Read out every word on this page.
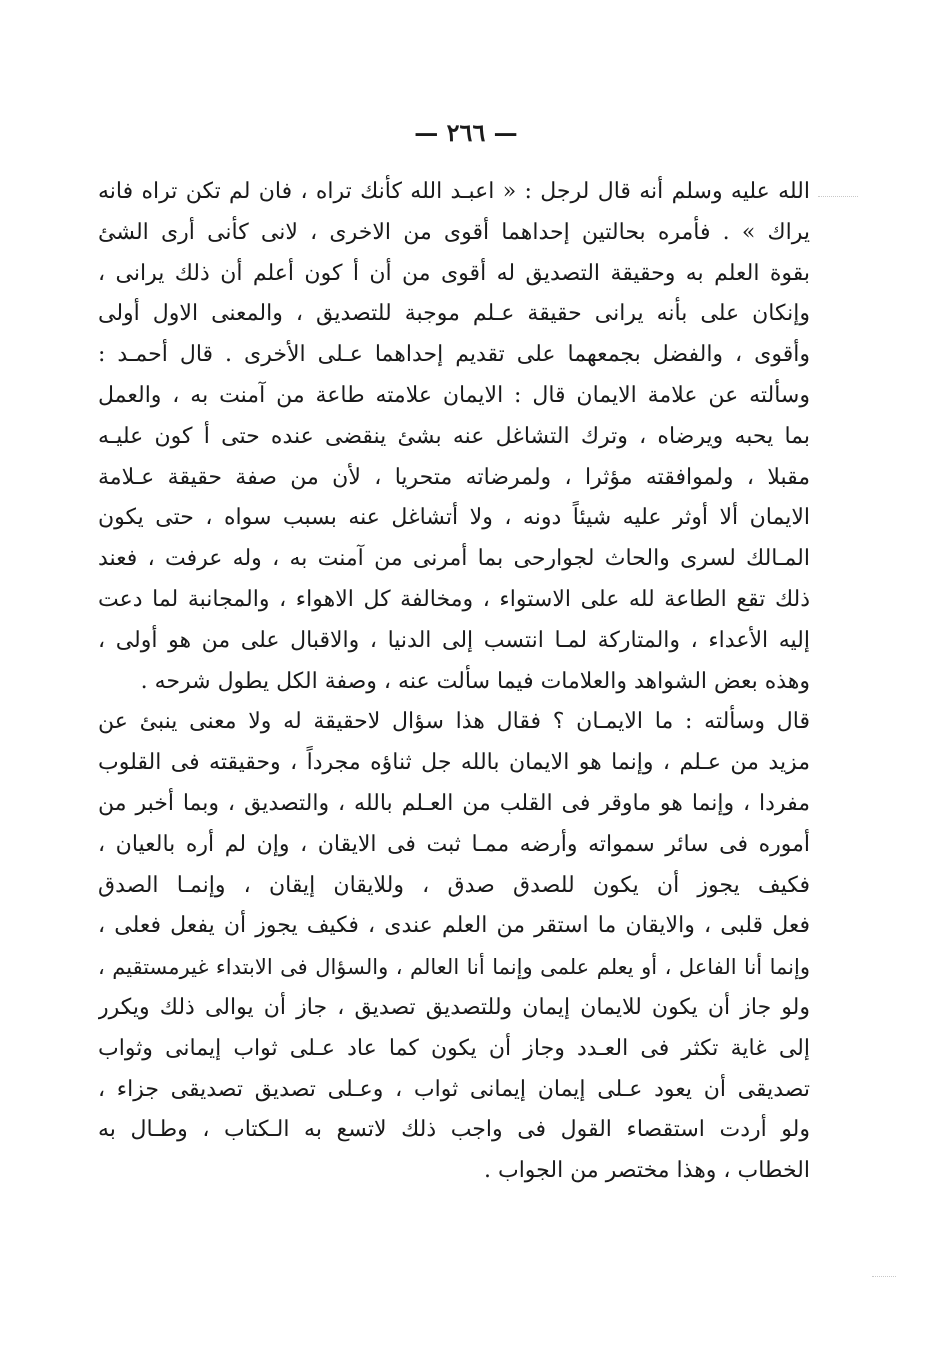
— ٢٦٦ —
الله عليه وسلم أنه قال لرجل : « اعبـد الله كأنك تراه ، فان لم تكن تراه فانه
يراك » . فأمره بحالتين إحداهما أقوى من الاخرى ، لانى كأنى أرى الشئ
بقوة العلم به وحقيقة التصديق له أقوى من أن أ كون أعلم أن ذلك يرانى ،
وإنكان على بأنه يرانى حقيقة عـلم موجبة للتصديق ، والمعنى الاول أولى
وأقوى ، والفضل بجمعهما على تقديم إحداهما عـلى الأخرى . قال أحمـد :
وسألته عن علامة الايمان قال : الايمان علامته طاعة من آمنت به ، والعمل
بما يحبه ويرضاه ، وترك التشاغل عنه بشئ ينقضى عنده حتى أ كون عليـه
مقبلا ، ولموافقته مؤثرا ، ولمرضاته متحريا ، لأن من صفة حقيقة عـلامة
الايمان ألا أوثر عليه شيئاً دونه ، ولا أتشاغل عنه بسبب سواه ، حتى يكون
المـالك لسرى والحاث لجوارحى بما أمرنى من آمنت به ، وله عرفت ، فعند
ذلك تقع الطاعة لله على الاستواء ، ومخالفة كل الاهواء ، والمجانبة لما دعت
إليه الأعداء ، والمتاركة لمـا انتسب إلى الدنيا ، والاقبال على من هو أولى ،
وهذه بعض الشواهد والعلامات فيما سألت عنه ، وصفة الكل يطول شرحه .
قال وسألته : ما الايمـان ؟ فقال هذا سؤال لاحقيقة له ولا معنى ينبئ عن
مزيد من عـلم ، وإنما هو الايمان بالله جل ثناؤه مجرداً ، وحقيقته فى القلوب
مفردا ، وإنما هو ماوقر فى القلب من العـلم بالله ، والتصديق ، وبما أخبر من
أموره فى سائر سمواته وأرضه ممـا ثبت فى الايقان ، وإن لم أره بالعيان ،
فكيف يجوز أن يكون للصدق صدق ، وللايقان إيقان ، وإنمـا الصدق
فعل قلبى ، والايقان ما استقر من العلم عندى ، فكيف يجوز أن يفعل فعلى ،
وإنما أنا الفاعل ، أو يعلم علمى وإنما أنا العالم ، والسؤال فى الابتداء غيرمستقيم ،
ولو جاز أن يكون للايمان إيمان وللتصديق تصديق ، جاز أن يوالى ذلك ويكرر
إلى غاية تكثر فى العـدد وجاز أن يكون كما عاد عـلى ثواب إيمانى وثواب
تصديقى أن يعود عـلى إيمان إيمانى ثواب ، وعـلى تصديق تصديقى جزاء ،
ولو أردت استقصاء القول فى واجب ذلك لاتسع به الـكتاب ، وطـال به
الخطاب ، وهذا مختصر من الجواب .
